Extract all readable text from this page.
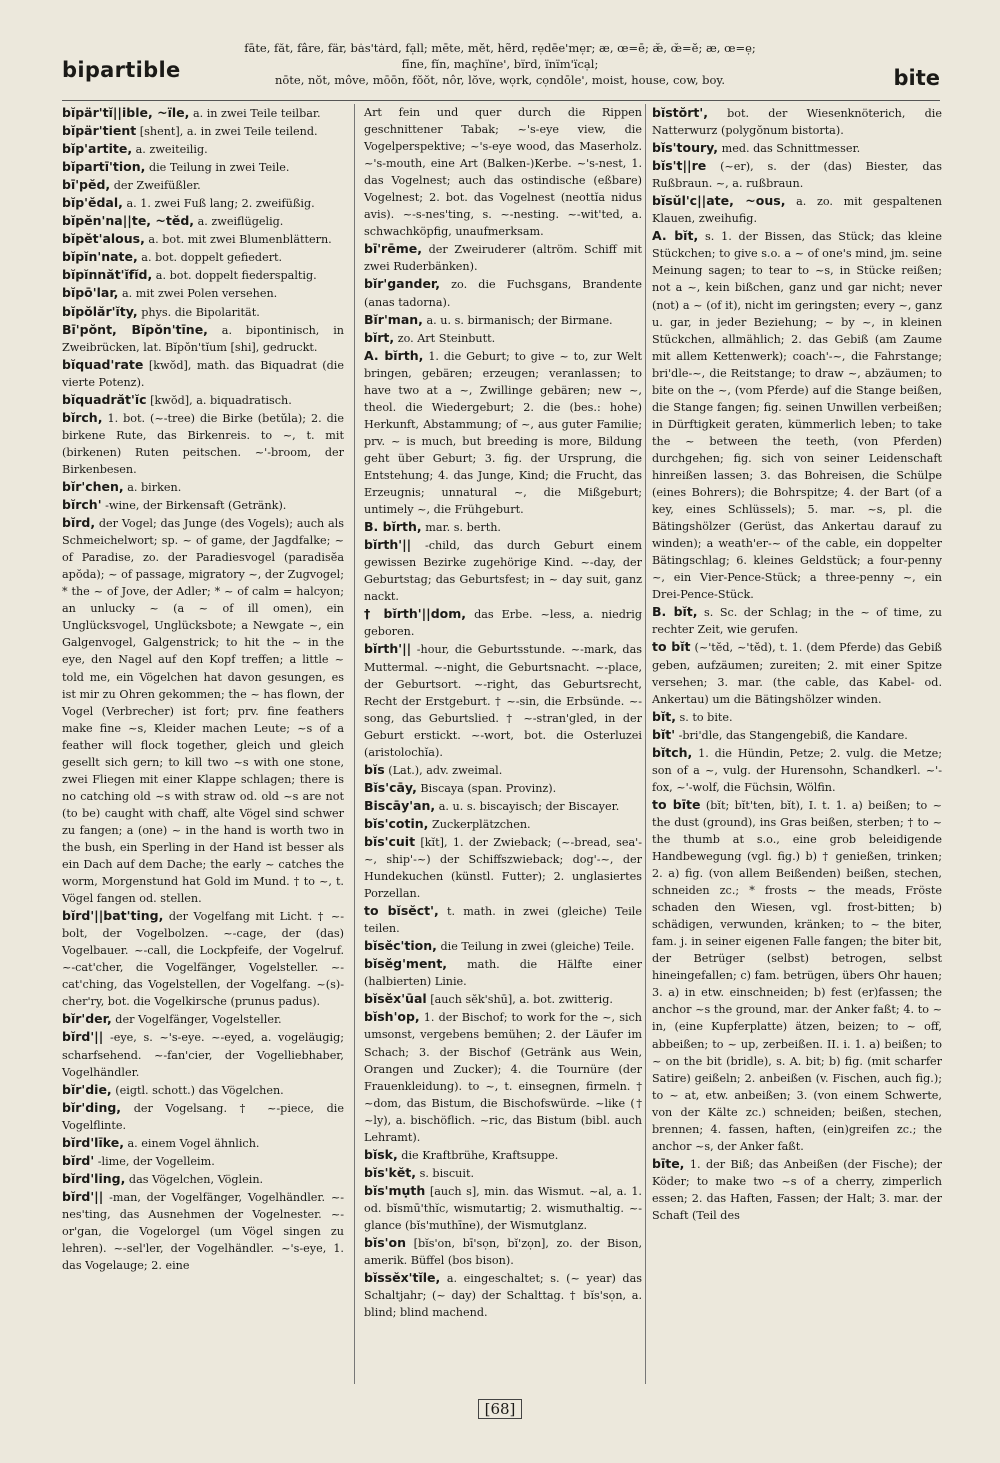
bipartible
fāte, făt, fâre, fär, bȧs'tȧrd, fạll; mēte, mĕt, hẽrd, rẹdēe'mẹr; æ, œ=ē; æ̆, œ̆=ĕ; æ, œ=ẹ;
fīne, fĭn, maçhïne', bïrd, ïnïm'ïcạl;
nōte, nŏt, môve, mōōn, fŏŏt, nôr, lŏve, wọrk, cọndōle', moist, house, cow, boy.	bite

bĭpär'tĭ||ible, ~ïle, a. in zwei Teile teilbar.

bĭpär'tient [shent], a. in zwei Teile teilend.

bĭp'artite, a. zweiteilig.

bĭpartī'tion, die Teilung in zwei Teile.

bī'pĕd, der Zweifüßler.

bĭp'ĕdal, a. 1. zwei Fuß lang; 2. zweifüßig.

bĭpĕn'na||te, ~tĕd, a. zweiflügelig.

bĭpĕt'alous, a. bot. mit zwei Blumenblättern.

bĭpĭn'nate, a. bot. doppelt gefiedert.

bĭpĭnnăt'ĭfĭd, a. bot. doppelt fiederspaltig.

bĭpō'lar, a. mit zwei Polen versehen.

bĭpŏlăr'ĭty, phys. die Bipolarität.

Bī'pŏnt, Bĭpŏn'tīne, a. bipontinisch, in Zweibrücken, lat. Bĭpŏn'tĭum [shi], gedruckt.

bĭquad'rate [kwŏd], math. das Biquadrat (die vierte Potenz).

bĭquadrăt'ĭc [kwŏd], a. biquadratisch.

bĭrch, 1. bot. (~-tree) die Birke (betŭla); 2. die birkene Rute, das Birkenreis. to ~, t. mit (birkenen) Ruten peitschen. ~'-broom, der Birkenbesen.

bĭr'chen, a. birken.

bĭrch' -wine, der Birkensaft (Getränk).

bĭrd, der Vogel; das Junge (des Vogels); auch als Schmeichelwort; sp. ~ of game, der Jagdfalke; ~ of Paradise, zo. der Paradiesvogel (paradisĕa apŏda); ~ of passage, migratory ~, der Zugvogel; * the ~ of Jove, der Adler; * ~ of calm = halcyon; an unlucky ~ (a ~ of ill omen), ein Unglücksvogel, Unglücksbote; a Newgate ~, ein Galgenvogel, Galgenstrick; to hit the ~ in the eye, den Nagel auf den Kopf treffen; a little ~ told me, ein Vögelchen hat davon gesungen, es ist mir zu Ohren gekommen; the ~ has flown, der Vogel (Verbrecher) ist fort; prv. fine feathers make fine ~s, Kleider machen Leute; ~s of a feather will flock together, gleich und gleich gesellt sich gern; to kill two ~s with one stone, zwei Fliegen mit einer Klappe schlagen; there is no catching old ~s with straw od. old ~s are not (to be) caught with chaff, alte Vögel sind schwer zu fangen; a (one) ~ in the hand is worth two in the bush, ein Sperling in der Hand ist besser als ein Dach auf dem Dache; the early ~ catches the worm, Morgenstund hat Gold im Mund. † to ~, t. Vögel fangen od. stellen.

bĭrd'||bat'ting, der Vogelfang mit Licht. † ~-bolt, der Vogelbolzen. ~-cage, der (das) Vogelbauer. ~-call, die Lockpfeife, der Vogelruf. ~-cat'cher, die Vogelfänger, Vogelsteller. ~-cat'ching, das Vogelstellen, der Vogelfang. ~(s)-cher'ry, bot. die Vogelkirsche (prunus padus).

bĭr'der, der Vogelfänger, Vogelsteller.

bĭrd'|| -eye, s. ~'s-eye. ~-eyed, a. vogeläugig; scharfsehend. ~-fan'cier, der Vogelliebhaber, Vogelhändler.

bĭr'die, (eigtl. schott.) das Vögelchen.

bĭr'ding, der Vogelsang. † ~-piece, die Vogelflinte.

bĭrd'līke, a. einem Vogel ähnlich.

bĭrd' -lime, der Vogelleim.

bĭrd'ling, das Vögelchen, Vöglein.

bĭrd'|| -man, der Vogelfänger, Vogelhändler. ~-nes'ting, das Ausnehmen der Vogelnester. ~-or'gan, die Vogelorgel (um Vögel singen zu lehren). ~-sel'ler, der Vogelhändler. ~'s-eye, 1. das Vogelauge; 2. eine

Art fein und quer durch die Rippen geschnittener Tabak; ~'s-eye view, die Vogelperspektive; ~'s-eye wood, das Maserholz. ~'s-mouth, eine Art (Balken-)Kerbe. ~'s-nest, 1. das Vogelnest; auch das ostindische (eßbare) Vogelnest; 2. bot. das Vogelnest (neottĭa nidus avis). ~-s-nes'ting, s. ~-nesting. ~-wit'ted, a. schwachköpfig, unaufmerksam.

bī'rēme, der Zweiruderer (altröm. Schiff mit zwei Ruderbänken).

bĭr'gander, zo. die Fuchsgans, Brandente (anas tadorna).

Bĭr'man, a. u. s. birmanisch; der Birmane.

bĭrt, zo. Art Steinbutt.

A. bĭrth, 1. die Geburt; to give ~ to, zur Welt bringen, gebären; erzeugen; veranlassen; to have two at a ~, Zwillinge gebären; new ~, theol. die Wiedergeburt; 2. die (bes.: hohe) Herkunft, Abstammung; of ~, aus guter Familie; prv. ~ is much, but breeding is more, Bildung geht über Geburt; 3. fig. der Ursprung, die Entstehung; 4. das Junge, Kind; die Frucht, das Erzeugnis; unnatural ~, die Mißgeburt; untimely ~, die Frühgeburt.

B. bĭrth, mar. s. berth.

bĭrth'|| -child, das durch Geburt einem gewissen Bezirke zugehörige Kind. ~-day, der Geburtstag; das Geburtsfest; in ~ day suit, ganz nackt.

† bĭrth'||dom, das Erbe. ~less, a. niedrig geboren.

bĭrth'|| -hour, die Geburtsstunde. ~-mark, das Muttermal. ~-night, die Geburtsnacht. ~-place, der Geburtsort. ~-right, das Geburtsrecht, Recht der Erstgeburt. † ~-sin, die Erbsünde. ~-song, das Geburtslied. † ~-stran'gled, in der Geburt erstickt. ~-wort, bot. die Osterluzei (aristolochĭa).

bĭs (Lat.), adv. zweimal.

Bĭs'cāy, Biscaya (span. Provinz).

Biscāy'an, a. u. s. biscayisch; der Biscayer.

bĭs'cotin, Zuckerplätzchen.

bĭs'cuit [kĭt], 1. der Zwieback; (~-bread, sea'-~, ship'-~) der Schiffszwieback; dog'-~, der Hundekuchen (künstl. Futter); 2. unglasiertes Porzellan.

to bĭsĕct', t. math. in zwei (gleiche) Teile teilen.

bĭsĕc'tion, die Teilung in zwei (gleiche) Teile.

bĭsĕg'ment, math. die Hälfte einer (halbierten) Linie.

bĭsĕx'ūal [auch sĕk'shū], a. bot. zwitterig.

bĭsh'op, 1. der Bischof; to work for the ~, sich umsonst, vergebens bemühen; 2. der Läufer im Schach; 3. der Bischof (Getränk aus Wein, Orangen und Zucker); 4. die Tournüre (der Frauenkleidung). to ~, t. einsegnen, firmeln. † ~dom, das Bistum, die Bischofswürde. ~like († ~ly), a. bischöflich. ~ric, das Bistum (bibl. auch Lehramt).

bĭsk, die Kraftbrühe, Kraftsuppe.

bĭs'kĕt, s. biscuit.

bĭs'mụth [auch s], min. das Wismut. ~al, a. 1. od. bĭsmū'thĭc, wismutartig; 2. wismuthaltig. ~-glance (bĭs'muthīne), der Wismutglanz.

bĭs'on [bĭs'on, bī'sọn, bĭ'zọn], zo. der Bison, amerik. Büffel (bos bison).

bĭssĕx'tĭle, a. eingeschaltet; s. (~ year) das Schaltjahr; (~ day) der Schalttag. † bĭs'sọn, a. blind; blind machend.

bĭstŏrt', bot. der Wiesenknöterich, die Natterwurz (polygŏnum bistorta).

bĭs'toury, med. das Schnittmesser.

bĭs't||re (~er), s. der (das) Biester, das Rußbraun. ~, a. rußbraun.

bĭsŭl'c||ate, ~ous, a. zo. mit gespaltenen Klauen, zweihufig.

A. bĭt, s. 1. der Bissen, das Stück; das kleine Stückchen; to give s.o. a ~ of one's mind, jm. seine Meinung sagen; to tear to ~s, in Stücke reißen; not a ~, kein bißchen, ganz und gar nicht; never (not) a ~ (of it), nicht im geringsten; every ~, ganz u. gar, in jeder Beziehung; ~ by ~, in kleinen Stückchen, allmählich; 2. das Gebiß (am Zaume mit allem Kettenwerk); coach'-~, die Fahrstange; bri'dle-~, die Reitstange; to draw ~, abzäumen; to bite on the ~, (vom Pferde) auf die Stange beißen, die Stange fangen; fig. seinen Unwillen verbeißen; in Dürftigkeit geraten, kümmerlich leben; to take the ~ between the teeth, (von Pferden) durchgehen; fig. sich von seiner Leidenschaft hinreißen lassen; 3. das Bohreisen, die Schülpe (eines Bohrers); die Bohrspitze; 4. der Bart (of a key, eines Schlüssels); 5. mar. ~s, pl. die Bätingshölzer (Gerüst, das Ankertau darauf zu winden); a weath'er-~ of the cable, ein doppelter Bätingschlag; 6. kleines Geldstück; a four-penny ~, ein Vier-Pence-Stück; a three-penny ~, ein Drei-Pence-Stück.

B. bĭt, s. Sc. der Schlag; in the ~ of time, zu rechter Zeit, wie gerufen.

to bĭt (~'tĕd, ~'tĕd), t. 1. (dem Pferde) das Gebiß geben, aufzäumen; zureiten; 2. mit einer Spitze versehen; 3. mar. (the cable, das Kabel- od. Ankertau) um die Bätingshölzer winden.

bĭt, s. to bite.

bĭt' -bri'dle, das Stangengebiß, die Kandare.

bĭtch, 1. die Hündin, Petze; 2. vulg. die Metze; son of a ~, vulg. der Hurensohn, Schandkerl. ~'-fox, ~'-wolf, die Füchsin, Wölfin.

to bīte (bĭt; bĭt'ten, bĭt), I. t. 1. a) beißen; to ~ the dust (ground), ins Gras beißen, sterben; † to ~ the thumb at s.o., eine grob beleidigende Handbewegung (vgl. fig.) b) † genießen, trinken; 2. a) fig. (von allem Beißenden) beißen, stechen, schneiden zc.; * frosts ~ the meads, Fröste schaden den Wiesen, vgl. frost-bitten; b) schädigen, verwunden, kränken; to ~ the biter, fam. j. in seiner eigenen Falle fangen; the biter bit, der Betrüger (selbst) betrogen, selbst hineingefallen; c) fam. betrügen, übers Ohr hauen; 3. a) in etw. einschneiden; b) fest (er)fassen; the anchor ~s the ground, mar. der Anker faßt; 4. to ~ in, (eine Kupferplatte) ätzen, beizen; to ~ off, abbeißen; to ~ up, zerbeißen. II. i. 1. a) beißen; to ~ on the bit (bridle), s. A. bit; b) fig. (mit scharfer Satire) geißeln; 2. anbeißen (v. Fischen, auch fig.); to ~ at, etw. anbeißen; 3. (von einem Schwerte, von der Kälte zc.) schneiden; beißen, stechen, brennen; 4. fassen, haften, (ein)greifen zc.; the anchor ~s, der Anker faßt.

bīte, 1. der Biß; das Anbeißen (der Fische); der Köder; to make two ~s of a cherry, zimperlich essen; 2. das Haften, Fassen; der Halt; 3. mar. der Schaft (Teil des

[68]
